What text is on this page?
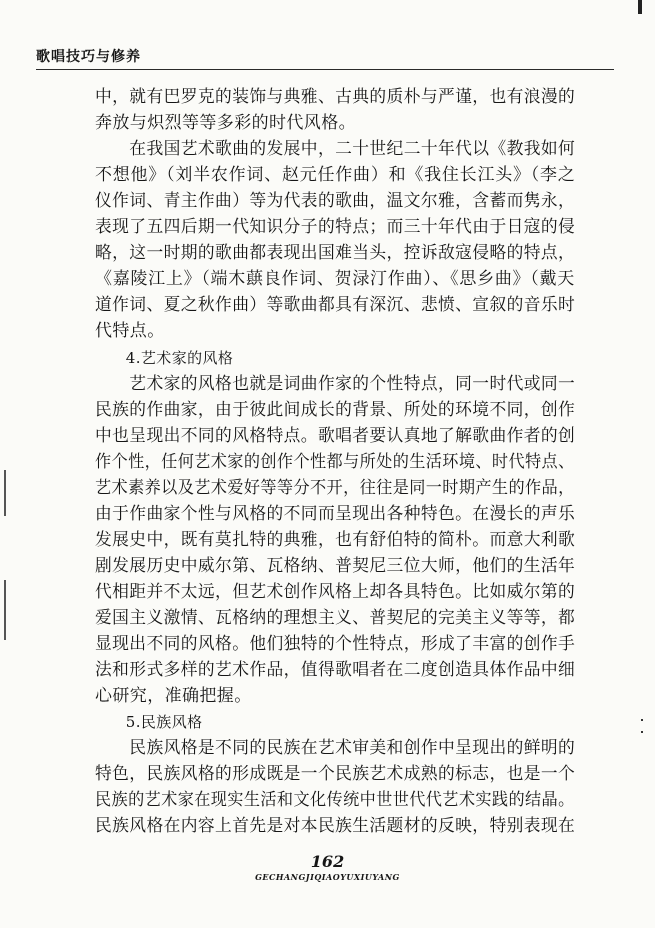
歌唱技巧与修养
中，就有巴罗克的装饰与典雅、古典的质朴与严谨，也有浪漫的
奔放与炽烈等等多彩的时代风格。
　　在我国艺术歌曲的发展中，二十世纪二十年代以《教我如何
不想他》（刘半农作词、赵元任作曲）和《我住长江头》（李之
仪作词、青主作曲）等为代表的歌曲，温文尔雅，含蓄而隽永，
表现了五四后期一代知识分子的特点；而三十年代由于日寇的侵
略，这一时期的歌曲都表现出国难当头，控诉敌寇侵略的特点，
《嘉陵江上》（端木蕻良作词、贺渌汀作曲）、《思乡曲》（戴天
道作词、夏之秋作曲）等歌曲都具有深沉、悲愤、宣叙的音乐时
代特点。
　　4.艺术家的风格
　　艺术家的风格也就是词曲作家的个性特点，同一时代或同一
民族的作曲家，由于彼此间成长的背景、所处的环境不同，创作
中也呈现出不同的风格特点。歌唱者要认真地了解歌曲作者的创
作个性，任何艺术家的创作个性都与所处的生活环境、时代特点、
艺术素养以及艺术爱好等等分不开，往往是同一时期产生的作品，
由于作曲家个性与风格的不同而呈现出各种特色。在漫长的声乐
发展史中，既有莫扎特的典雅，也有舒伯特的简朴。而意大利歌
剧发展历史中威尔第、瓦格纳、普契尼三位大师，他们的生活年
代相距并不太远，但艺术创作风格上却各具特色。比如威尔第的
爱国主义激情、瓦格纳的理想主义、普契尼的完美主义等等，都
显现出不同的风格。他们独特的个性特点，形成了丰富的创作手
法和形式多样的艺术作品，值得歌唱者在二度创造具体作品中细
心研究，准确把握。
　　5.民族风格
　　民族风格是不同的民族在艺术审美和创作中呈现出的鲜明的
特色，民族风格的形成既是一个民族艺术成熟的标志，也是一个
民族的艺术家在现实生活和文化传统中世世代代艺术实践的结晶。
民族风格在内容上首先是对本民族生活题材的反映，特别表现在
162
GECHANGJIQIAOYUXIUYANG
